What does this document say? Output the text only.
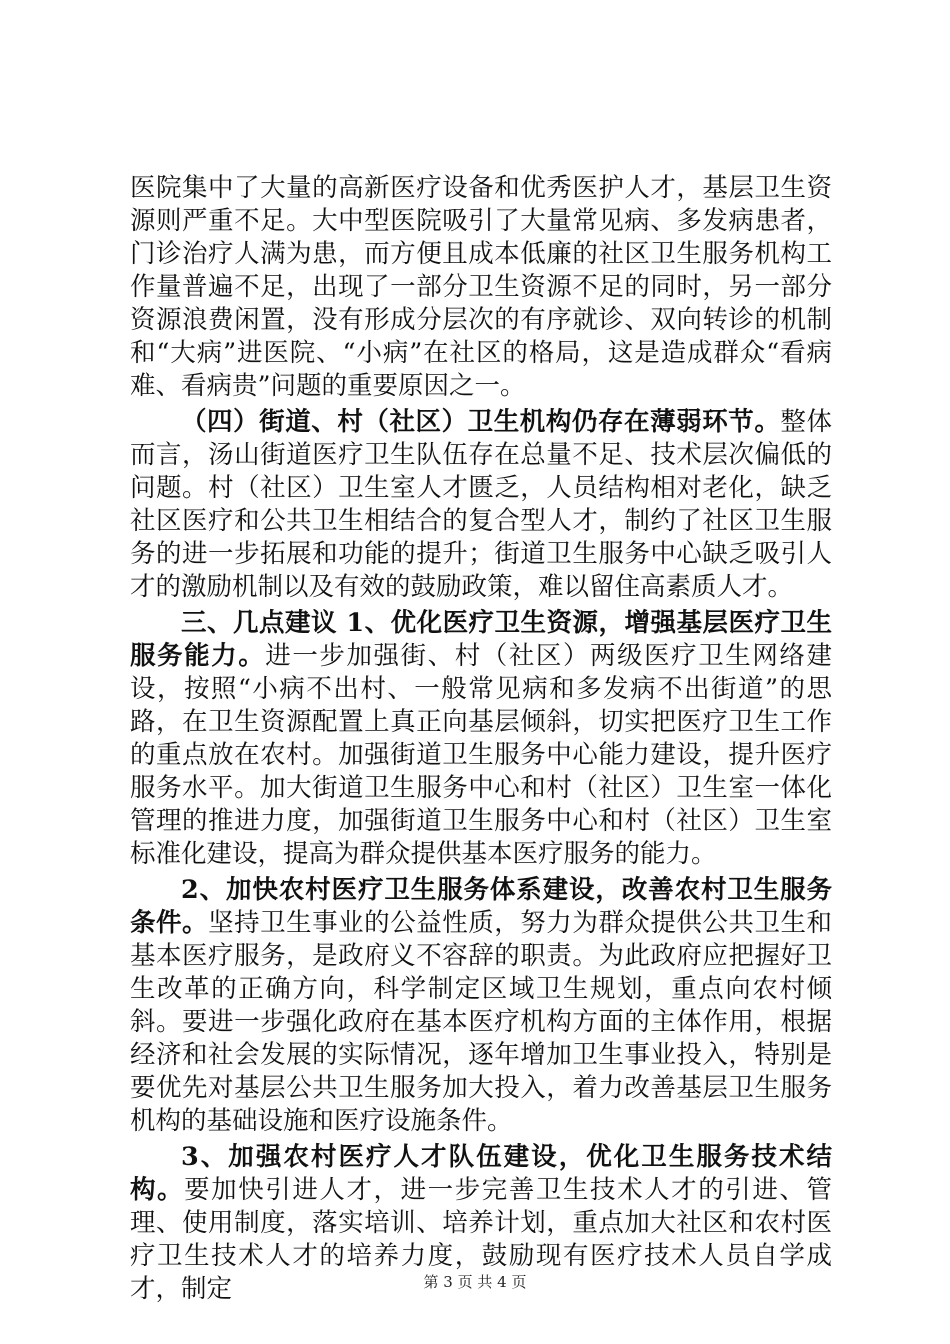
医院集中了大量的高新医疗设备和优秀医护人才，基层卫生资源则严重不足。大中型医院吸引了大量常见病、多发病患者，门诊治疗人满为患，而方便且成本低廉的社区卫生服务机构工作量普遍不足，出现了一部分卫生资源不足的同时，另一部分资源浪费闲置，没有形成分层次的有序就诊、双向转诊的机制和“大病”进医院、“小病”在社区的格局，这是造成群众“看病难、看病贵”问题的重要原因之一。

（四）街道、村（社区）卫生机构仍存在薄弱环节。整体而言，汤山街道医疗卫生队伍存在总量不足、技术层次偏低的问题。村（社区）卫生室人才匮乏，人员结构相对老化，缺乏社区医疗和公共卫生相结合的复合型人才，制约了社区卫生服务的进一步拓展和功能的提升；街道卫生服务中心缺乏吸引人才的激励机制以及有效的鼓励政策，难以留住高素质人才。

三、几点建议 1、优化医疗卫生资源，增强基层医疗卫生服务能力。进一步加强街、村（社区）两级医疗卫生网络建设，按照“小病不出村、一般常见病和多发病不出街道”的思路，在卫生资源配置上真正向基层倾斜，切实把医疗卫生工作的重点放在农村。加强街道卫生服务中心能力建设，提升医疗服务水平。加大街道卫生服务中心和村（社区）卫生室一体化管理的推进力度，加强街道卫生服务中心和村（社区）卫生室标准化建设，提高为群众提供基本医疗服务的能力。

2、加快农村医疗卫生服务体系建设，改善农村卫生服务条件。坚持卫生事业的公益性质，努力为群众提供公共卫生和基本医疗服务，是政府义不容辞的职责。为此政府应把握好卫生改革的正确方向，科学制定区域卫生规划，重点向农村倾斜。要进一步强化政府在基本医疗机构方面的主体作用，根据经济和社会发展的实际情况，逐年增加卫生事业投入，特别是要优先对基层公共卫生服务加大投入，着力改善基层卫生服务机构的基础设施和医疗设施条件。

3、加强农村医疗人才队伍建设，优化卫生服务技术结构。要加快引进人才，进一步完善卫生技术人才的引进、管理、使用制度，落实培训、培养计划，重点加大社区和农村医疗卫生技术人才的培养力度，鼓励现有医疗技术人员自学成才，制定	第 3 页 共 4 页
